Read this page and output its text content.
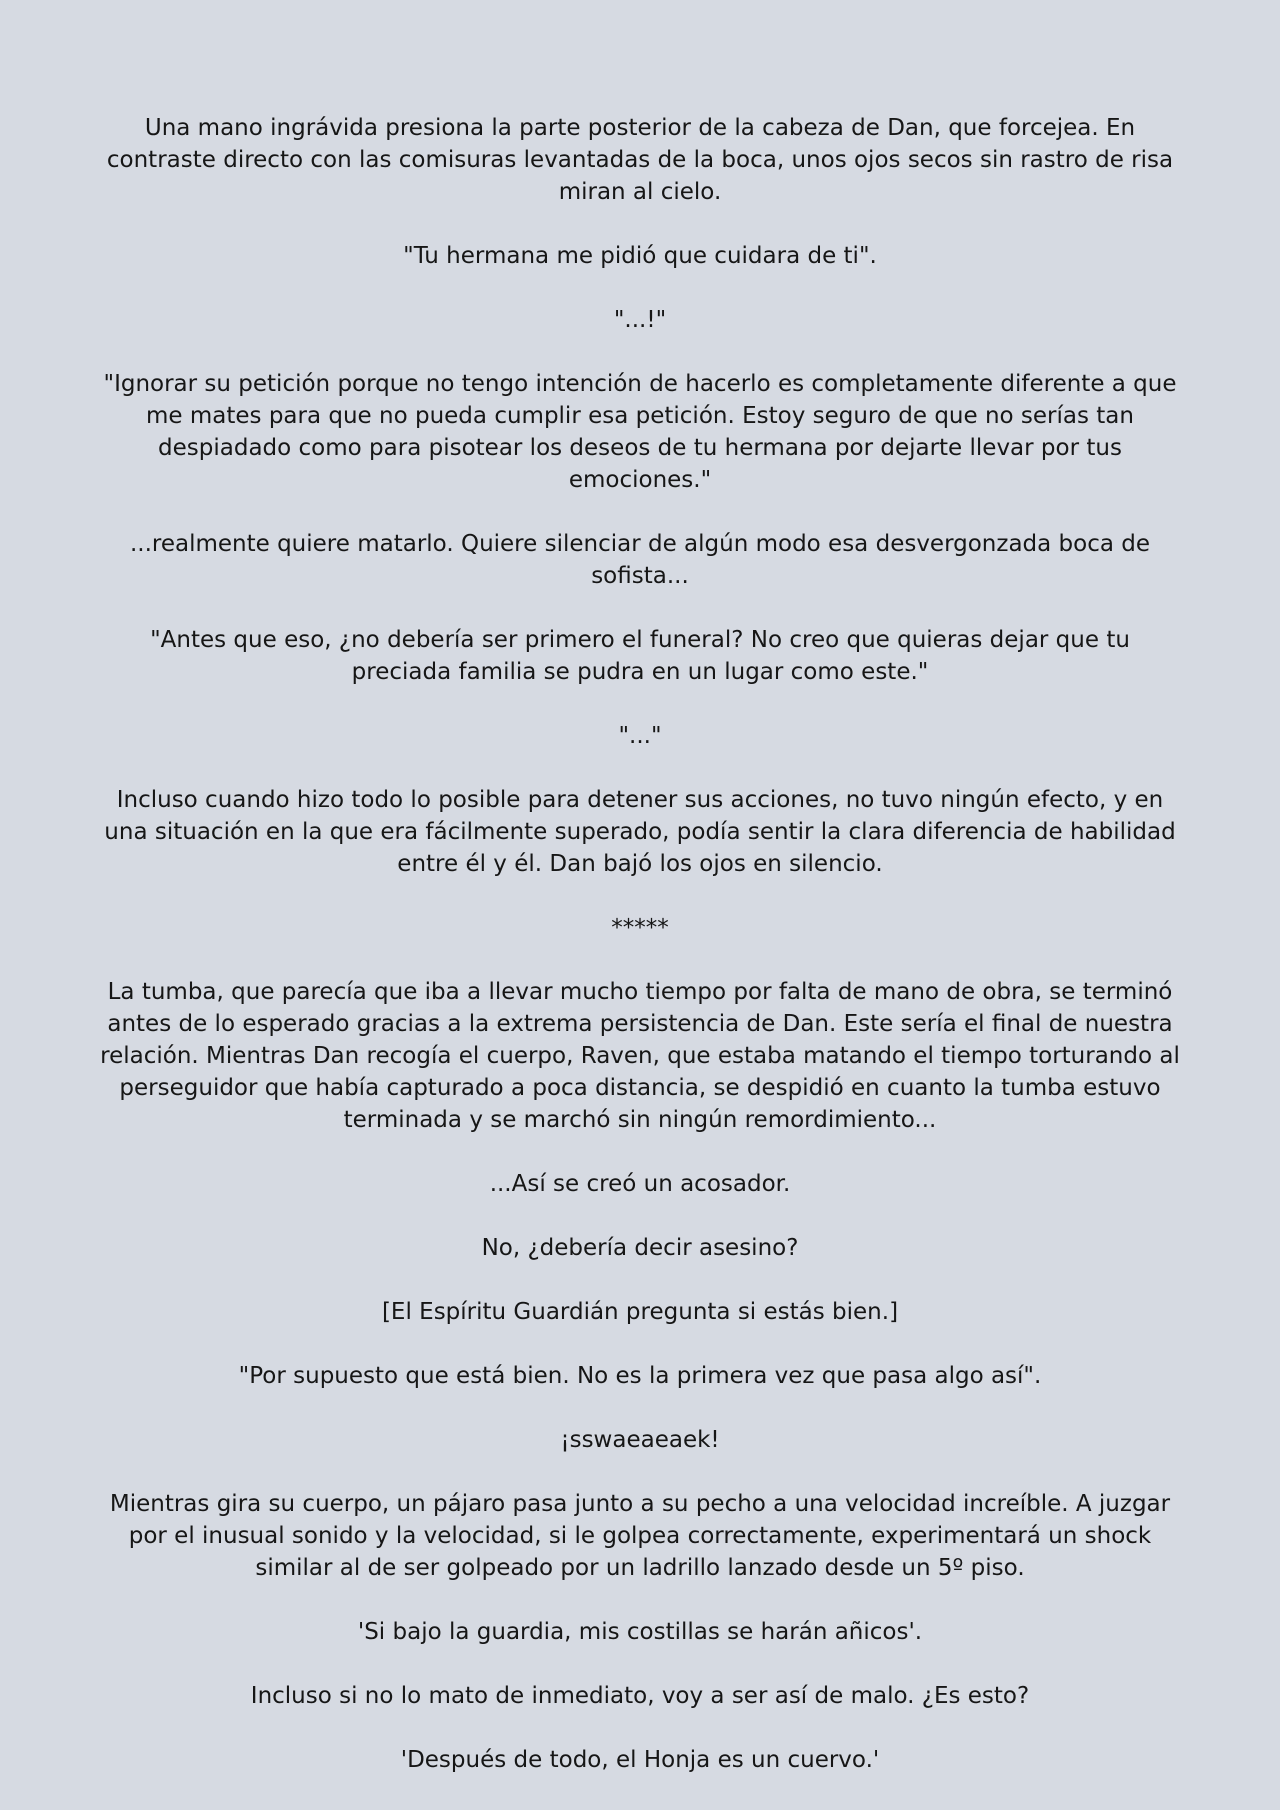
Una mano ingrávida presiona la parte posterior de la cabeza de Dan, que forcejea. En contraste directo con las comisuras levantadas de la boca, unos ojos secos sin rastro de risa miran al cielo.

"Tu hermana me pidió que cuidara de ti".

"...!"

"Ignorar su petición porque no tengo intención de hacerlo es completamente diferente a que me mates para que no pueda cumplir esa petición. Estoy seguro de que no serías tan despiadado como para pisotear los deseos de tu hermana por dejarte llevar por tus emociones."

...realmente quiere matarlo. Quiere silenciar de algún modo esa desvergonzada boca de sofista...

"Antes que eso, ¿no debería ser primero el funeral? No creo que quieras dejar que tu preciada familia se pudra en un lugar como este."

"..."

Incluso cuando hizo todo lo posible para detener sus acciones, no tuvo ningún efecto, y en una situación en la que era fácilmente superado, podía sentir la clara diferencia de habilidad entre él y él. Dan bajó los ojos en silencio.

*****

La tumba, que parecía que iba a llevar mucho tiempo por falta de mano de obra, se terminó antes de lo esperado gracias a la extrema persistencia de Dan. Este sería el final de nuestra relación. Mientras Dan recogía el cuerpo, Raven, que estaba matando el tiempo torturando al perseguidor que había capturado a poca distancia, se despidió en cuanto la tumba estuvo terminada y se marchó sin ningún remordimiento...

...Así se creó un acosador.

No, ¿debería decir asesino?

[El Espíritu Guardián pregunta si estás bien.]

"Por supuesto que está bien. No es la primera vez que pasa algo así".

¡sswaeaeaek!

Mientras gira su cuerpo, un pájaro pasa junto a su pecho a una velocidad increíble. A juzgar por el inusual sonido y la velocidad, si le golpea correctamente, experimentará un shock similar al de ser golpeado por un ladrillo lanzado desde un 5º piso.

'Si bajo la guardia, mis costillas se harán añicos'.

Incluso si no lo mato de inmediato, voy a ser así de malo. ¿Es esto?

'Después de todo, el Honja es un cuervo.'
